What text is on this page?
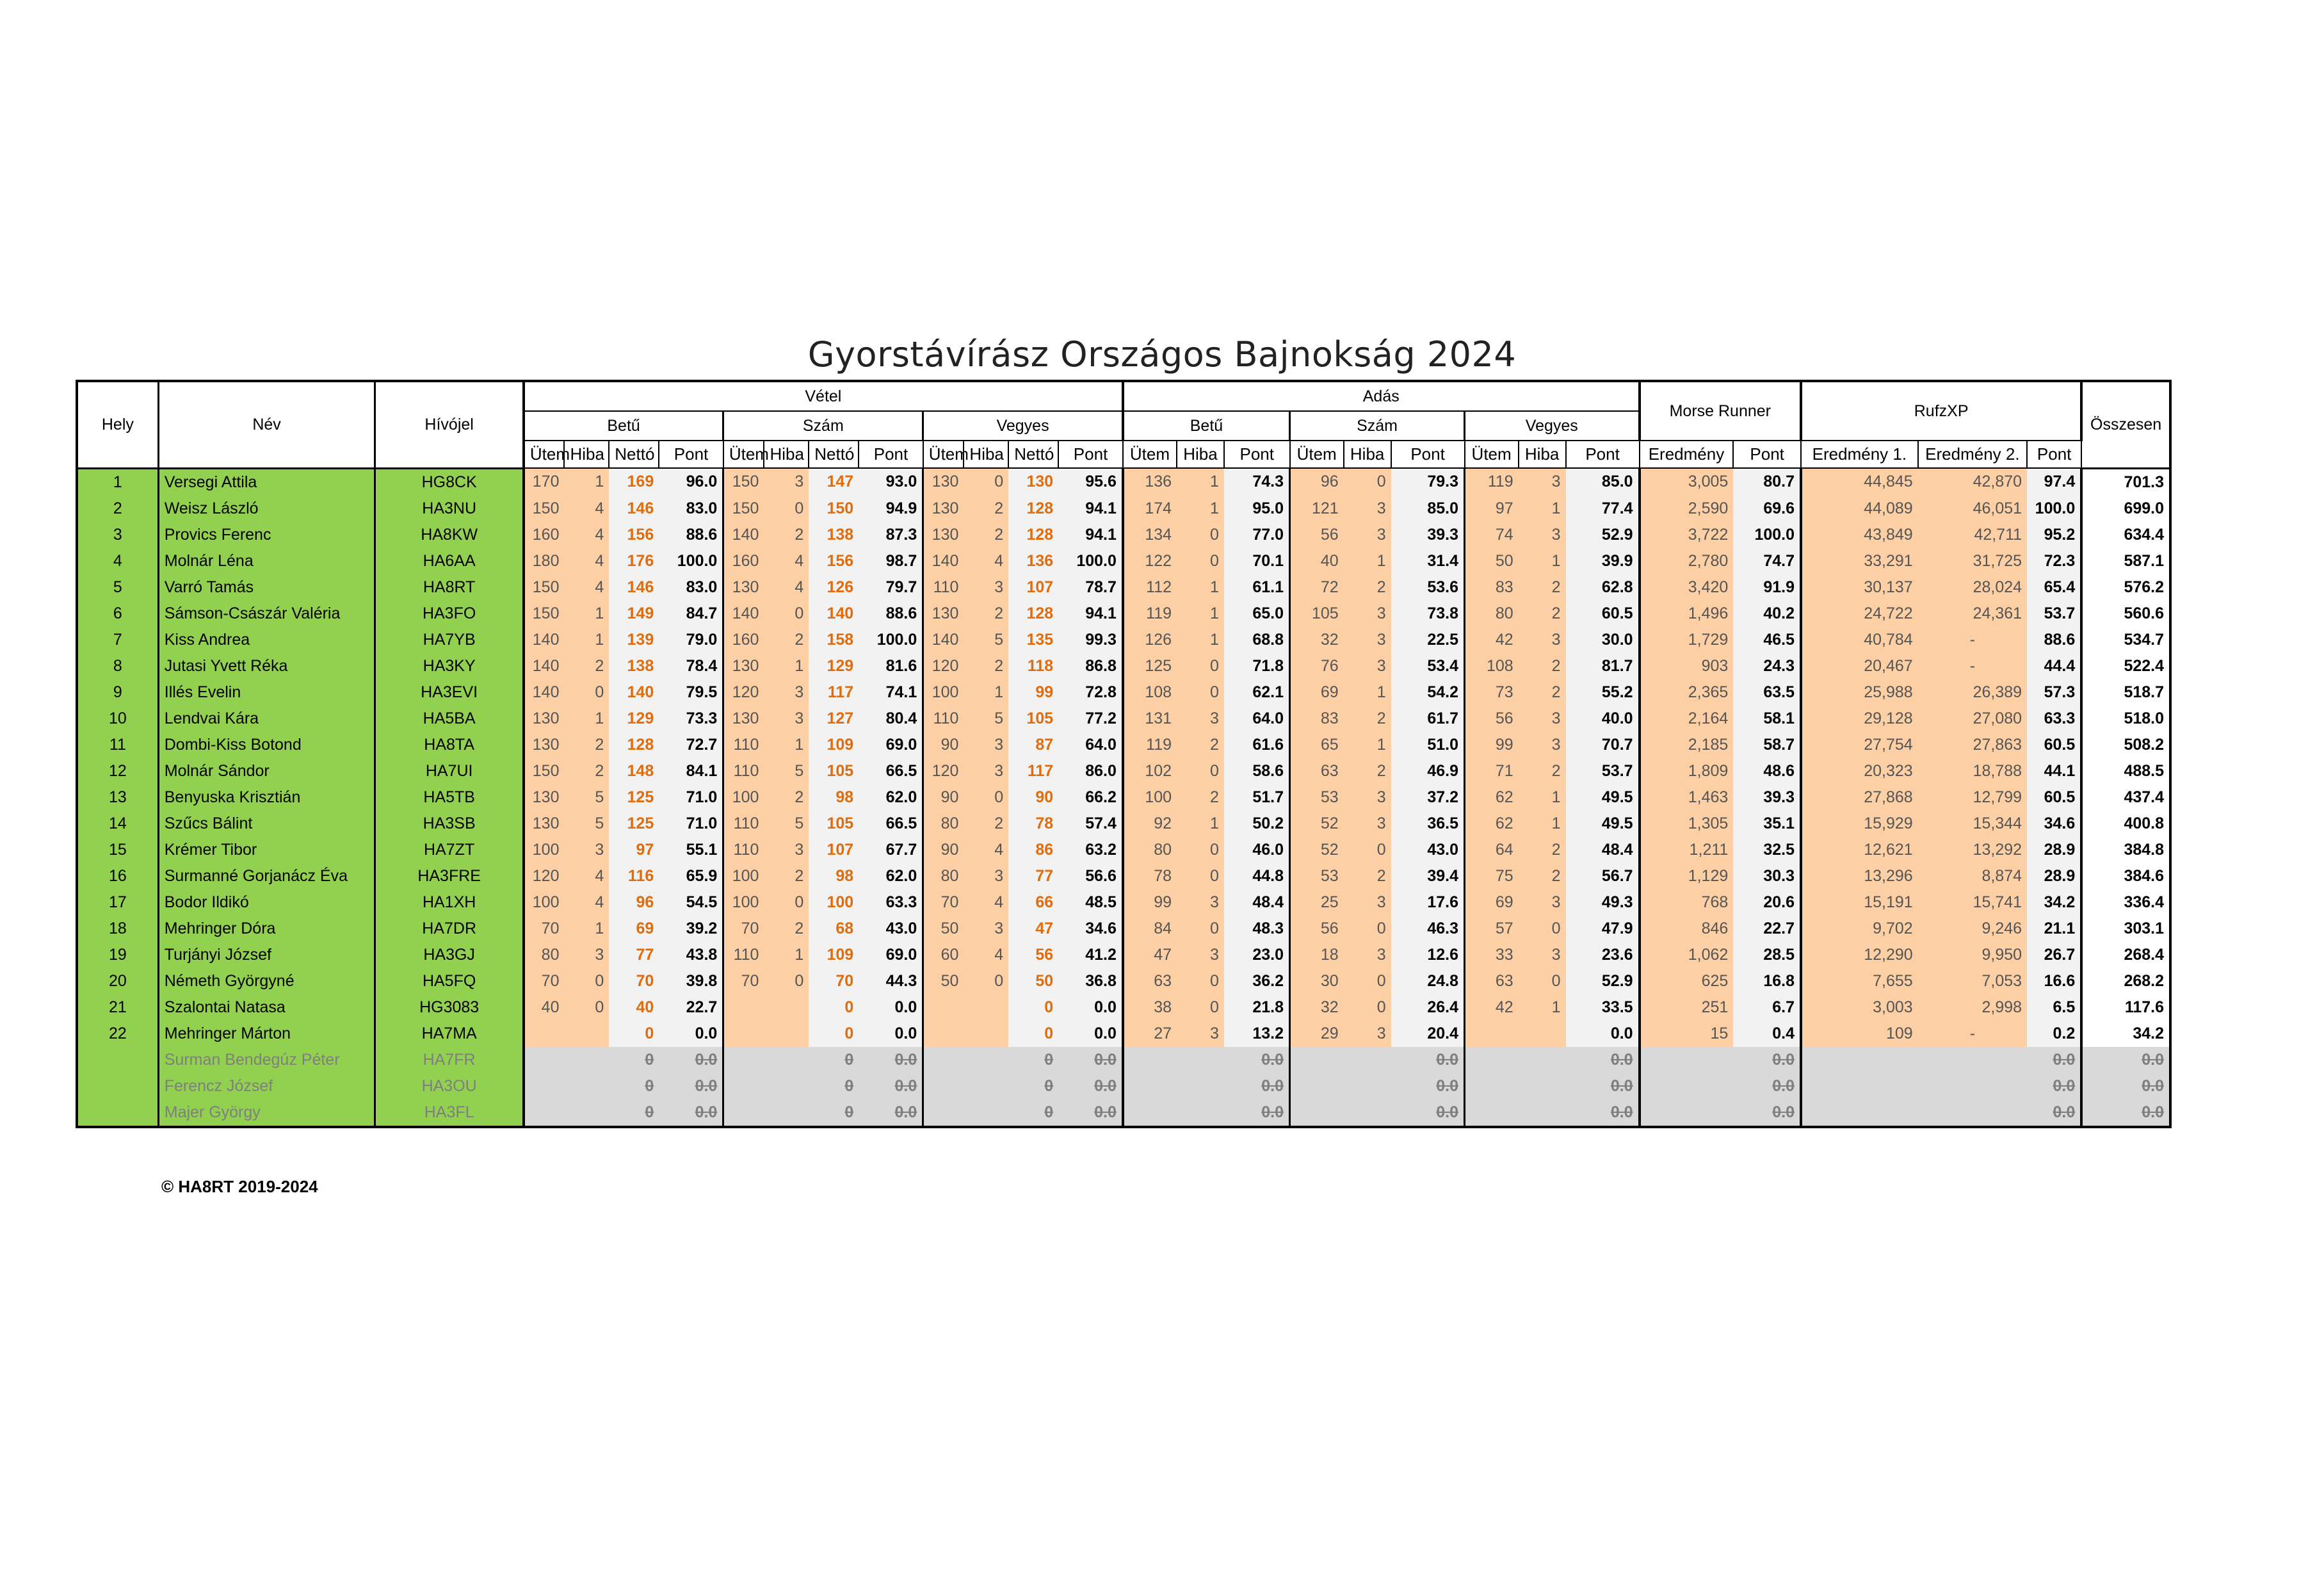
Gyorstávírász Országos Bajnokság 2024
Hely	Név	Hívójel	Vétel												Adás									Morse Runner		RufzXP			Összesen
			Betű				Szám				Vegyes				Betű			Szám			Vegyes								
			Ütem	Hiba	Nettó	Pont	Ütem	Hiba	Nettó	Pont	Ütem	Hiba	Nettó	Pont	Ütem	Hiba	Pont	Ütem	Hiba	Pont	Ütem	Hiba	Pont	Eredmény	Pont	Eredmény 1.	Eredmény 2.	Pont	
1	Versegi Attila	HG8CK	170	1	169	96.0	150	3	147	93.0	130	0	130	95.6	136	1	74.3	96	0	79.3	119	3	85.0	3,005	80.7	44,845	42,870	97.4	701.3
2	Weisz László	HA3NU	150	4	146	83.0	150	0	150	94.9	130	2	128	94.1	174	1	95.0	121	3	85.0	97	1	77.4	2,590	69.6	44,089	46,051	100.0	699.0
3	Provics Ferenc	HA8KW	160	4	156	88.6	140	2	138	87.3	130	2	128	94.1	134	0	77.0	56	3	39.3	74	3	52.9	3,722	100.0	43,849	42,711	95.2	634.4
4	Molnár Léna	HA6AA	180	4	176	100.0	160	4	156	98.7	140	4	136	100.0	122	0	70.1	40	1	31.4	50	1	39.9	2,780	74.7	33,291	31,725	72.3	587.1
5	Varró Tamás	HA8RT	150	4	146	83.0	130	4	126	79.7	110	3	107	78.7	112	1	61.1	72	2	53.6	83	2	62.8	3,420	91.9	30,137	28,024	65.4	576.2
6	Sámson-Császár Valéria	HA3FO	150	1	149	84.7	140	0	140	88.6	130	2	128	94.1	119	1	65.0	105	3	73.8	80	2	60.5	1,496	40.2	24,722	24,361	53.7	560.6
7	Kiss Andrea	HA7YB	140	1	139	79.0	160	2	158	100.0	140	5	135	99.3	126	1	68.8	32	3	22.5	42	3	30.0	1,729	46.5	40,784	-	88.6	534.7
8	Jutasi Yvett Réka	HA3KY	140	2	138	78.4	130	1	129	81.6	120	2	118	86.8	125	0	71.8	76	3	53.4	108	2	81.7	903	24.3	20,467	-	44.4	522.4
9	Illés Evelin	HA3EVI	140	0	140	79.5	120	3	117	74.1	100	1	99	72.8	108	0	62.1	69	1	54.2	73	2	55.2	2,365	63.5	25,988	26,389	57.3	518.7
10	Lendvai Kára	HA5BA	130	1	129	73.3	130	3	127	80.4	110	5	105	77.2	131	3	64.0	83	2	61.7	56	3	40.0	2,164	58.1	29,128	27,080	63.3	518.0
11	Dombi-Kiss Botond	HA8TA	130	2	128	72.7	110	1	109	69.0	90	3	87	64.0	119	2	61.6	65	1	51.0	99	3	70.7	2,185	58.7	27,754	27,863	60.5	508.2
12	Molnár Sándor	HA7UI	150	2	148	84.1	110	5	105	66.5	120	3	117	86.0	102	0	58.6	63	2	46.9	71	2	53.7	1,809	48.6	20,323	18,788	44.1	488.5
13	Benyuska Krisztián	HA5TB	130	5	125	71.0	100	2	98	62.0	90	0	90	66.2	100	2	51.7	53	3	37.2	62	1	49.5	1,463	39.3	27,868	12,799	60.5	437.4
14	Szűcs Bálint	HA3SB	130	5	125	71.0	110	5	105	66.5	80	2	78	57.4	92	1	50.2	52	3	36.5	62	1	49.5	1,305	35.1	15,929	15,344	34.6	400.8
15	Krémer Tibor	HA7ZT	100	3	97	55.1	110	3	107	67.7	90	4	86	63.2	80	0	46.0	52	0	43.0	64	2	48.4	1,211	32.5	12,621	13,292	28.9	384.8
16	Surmanné Gorjanácz Éva	HA3FRE	120	4	116	65.9	100	2	98	62.0	80	3	77	56.6	78	0	44.8	53	2	39.4	75	2	56.7	1,129	30.3	13,296	8,874	28.9	384.6
17	Bodor Ildikó	HA1XH	100	4	96	54.5	100	0	100	63.3	70	4	66	48.5	99	3	48.4	25	3	17.6	69	3	49.3	768	20.6	15,191	15,741	34.2	336.4
18	Mehringer Dóra	HA7DR	70	1	69	39.2	70	2	68	43.0	50	3	47	34.6	84	0	48.3	56	0	46.3	57	0	47.9	846	22.7	9,702	9,246	21.1	303.1
19	Turjányi József	HA3GJ	80	3	77	43.8	110	1	109	69.0	60	4	56	41.2	47	3	23.0	18	3	12.6	33	3	23.6	1,062	28.5	12,290	9,950	26.7	268.4
20	Németh Györgyné	HA5FQ	70	0	70	39.8	70	0	70	44.3	50	0	50	36.8	63	0	36.2	30	0	24.8	63	0	52.9	625	16.8	7,655	7,053	16.6	268.2
21	Szalontai Natasa	HG3083	40	0	40	22.7			0	0.0			0	0.0	38	0	21.8	32	0	26.4	42	1	33.5	251	6.7	3,003	2,998	6.5	117.6
22	Mehringer Márton	HA7MA			0	0.0			0	0.0			0	0.0	27	3	13.2	29	3	20.4			0.0	15	0.4	109	-	0.2	34.2
	Surman Bendegúz Péter	HA7FR			0	0.0			0	0.0			0	0.0			0.0			0.0			0.0		0.0			0.0	0.0
	Ferencz József	HA3OU			0	0.0			0	0.0			0	0.0			0.0			0.0			0.0		0.0			0.0	0.0
	Majer György	HA3FL			0	0.0			0	0.0			0	0.0			0.0			0.0			0.0		0.0			0.0	0.0
© HA8RT 2019-2024
